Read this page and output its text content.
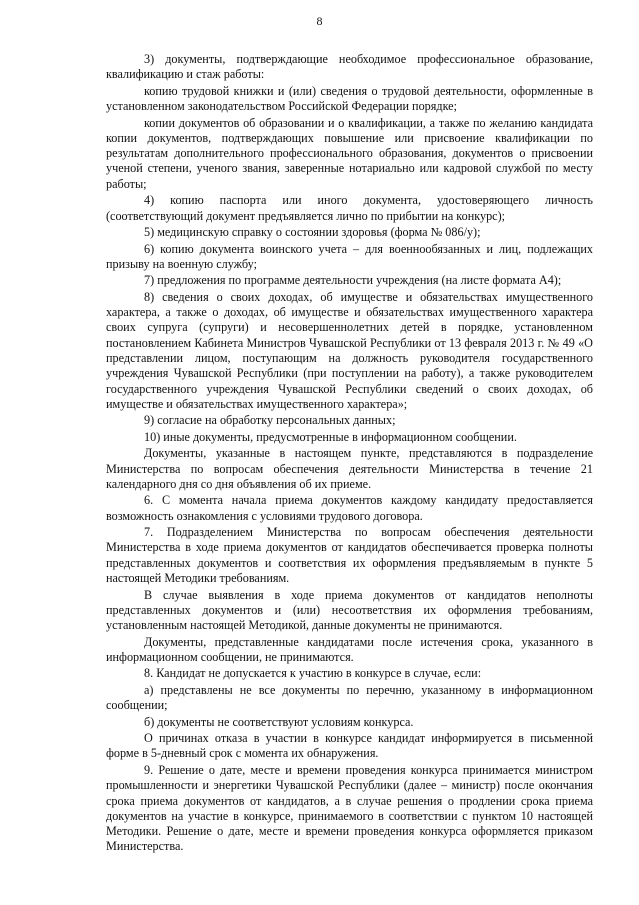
8

3) документы, подтверждающие необходимое профессиональное образование, квалификацию и стаж работы:

копию трудовой книжки и (или) сведения о трудовой деятельности, оформленные в установленном законодательством Российской Федерации порядке;

копии документов об образовании и о квалификации, а также по желанию кандидата копии документов, подтверждающих повышение или присвоение квалификации по результатам дополнительного профессионального образования, документов о присвоении ученой степени, ученого звания, заверенные нотариально или кадровой службой по месту работы;

4) копию паспорта или иного документа, удостоверяющего личность (соответствующий документ предъявляется лично по прибытии на конкурс);

5) медицинскую справку о состоянии здоровья (форма № 086/у);

6) копию документа воинского учета – для военнообязанных и лиц, подлежащих призыву на военную службу;

7) предложения по программе деятельности учреждения (на листе формата А4);

8) сведения о своих доходах, об имуществе и обязательствах имущественного характера, а также о доходах, об имуществе и обязательствах имущественного характера своих супруга (супруги) и несовершеннолетних детей в порядке, установленном постановлением Кабинета Министров Чувашской Республики от 13 февраля 2013 г. № 49 «О представлении лицом, поступающим на должность руководителя государственного учреждения Чувашской Республики (при поступлении на работу), а также руководителем государственного учреждения Чувашской Республики сведений о своих доходах, об имуществе и обязательствах имущественного характера»;

9) согласие на обработку персональных данных;

10) иные документы, предусмотренные в информационном сообщении.

Документы, указанные в настоящем пункте, представляются в подразделение Министерства по вопросам обеспечения деятельности Министерства в течение 21 календарного дня со дня объявления об их приеме.

6. С момента начала приема документов каждому кандидату предоставляется возможность ознакомления с условиями трудового договора.

7. Подразделением Министерства по вопросам обеспечения деятельности Министерства в ходе приема документов от кандидатов обеспечивается проверка полноты представленных документов и соответствия их оформления предъявляемым в пункте 5 настоящей Методики требованиям.

В случае выявления в ходе приема документов от кандидатов неполноты представленных документов и (или) несоответствия их оформления требованиям, установленным настоящей Методикой, данные документы не принимаются.

Документы, представленные кандидатами после истечения срока, указанного в информационном сообщении, не принимаются.

8. Кандидат не допускается к участию в конкурсе в случае, если:

а) представлены не все документы по перечню, указанному в информационном сообщении;

б) документы не соответствуют условиям конкурса.

О причинах отказа в участии в конкурсе кандидат информируется в письменной форме в 5-дневный срок с момента их обнаружения.

9. Решение о дате, месте и времени проведения конкурса принимается министром промышленности и энергетики Чувашской Республики (далее – министр) после окончания срока приема документов от кандидатов, а в случае решения о продлении срока приема документов на участие в конкурсе, принимаемого в соответствии с пунктом 10 настоящей Методики. Решение о дате, месте и времени проведения конкурса оформляется приказом Министерства.
